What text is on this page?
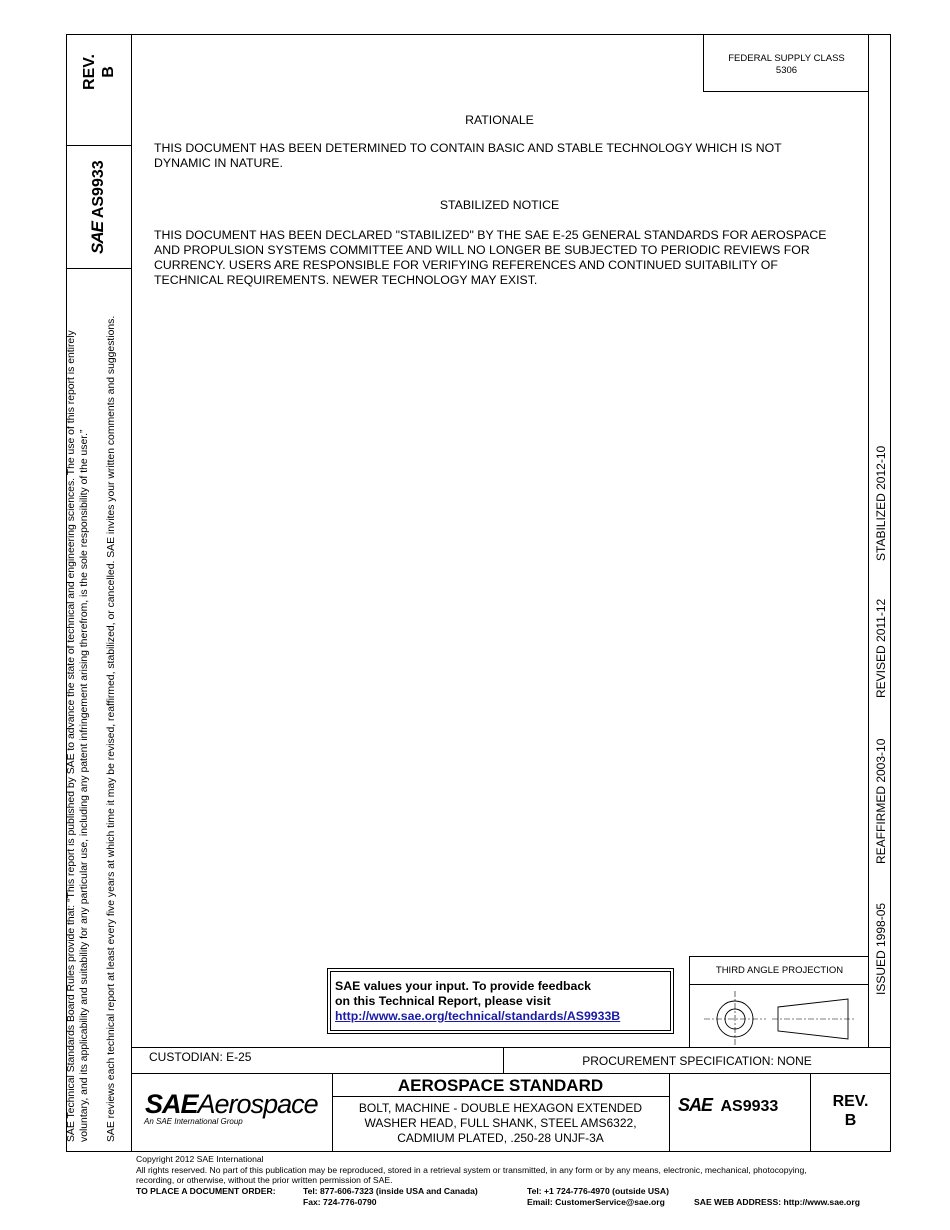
REV. B
SAE AS9933
SAE Technical Standards Board Rules provide that: “This report is published by SAE to advance the state of technical and engineering sciences. The use of this report is entirely voluntary, and its applicability and suitability for any particular use, including any patent infringement arising therefrom, is the sole responsibility of the user.” SAE reviews each technical report at least every five years at which time it may be revised, reaffirmed, stabilized, or cancelled. SAE invites your written comments and suggestions.	ISSUED 1998-05
REAFFIRMED 2003-10
REVISED 2011-12
STABILIZED 2012-10
FEDERAL SUPPLY CLASS
5306
RATIONALE
THIS DOCUMENT HAS BEEN DETERMINED TO CONTAIN BASIC AND STABLE TECHNOLOGY WHICH IS NOT
DYNAMIC IN NATURE.
STABILIZED NOTICE
THIS DOCUMENT HAS BEEN DECLARED "STABILIZED" BY THE SAE E-25 GENERAL STANDARDS FOR AEROSPACE
AND PROPULSION SYSTEMS COMMITTEE AND WILL NO LONGER BE SUBJECTED TO PERIODIC REVIEWS FOR
CURRENCY. USERS ARE RESPONSIBLE FOR VERIFYING REFERENCES AND CONTINUED SUITABILITY OF
TECHNICAL REQUIREMENTS. NEWER TECHNOLOGY MAY EXIST.
SAE values your input. To provide feedback
on this Technical Report, please visit
http://www.sae.org/technical/standards/AS9933B
THIRD ANGLE PROJECTION
CUSTODIAN: E-25	PROCUREMENT SPECIFICATION: NONE
SAEAerospace
An SAE International Group
AEROSPACE STANDARD
BOLT, MACHINE - DOUBLE HEXAGON EXTENDED
WASHER HEAD, FULL SHANK, STEEL AMS6322,
CADMIUM PLATED, .250-28 UNJF-3A
SAE AS9933	REV.
B
Copyright 2012 SAE International
All rights reserved. No part of this publication may be reproduced, stored in a retrieval system or transmitted, in any form or by any means, electronic, mechanical, photocopying,
recording, or otherwise, without the prior written permission of SAE.
TO PLACE A DOCUMENT ORDER:	Tel: 877-606-7323 (inside USA and Canada)	Tel: +1 724-776-4970 (outside USA)
Fax: 724-776-0790	Email: CustomerService@sae.org	SAE WEB ADDRESS: http://www.sae.org
